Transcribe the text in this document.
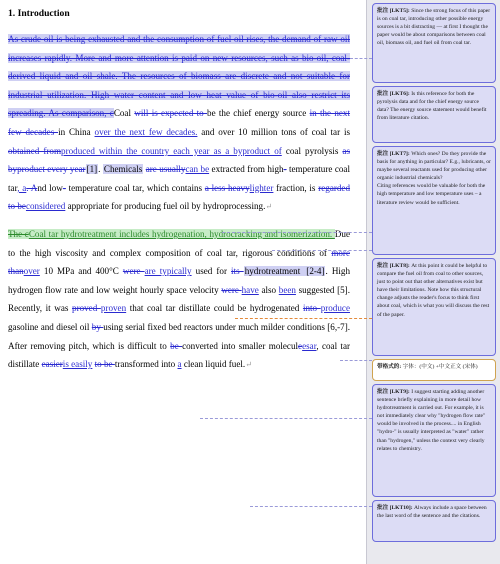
1. Introduction

As crude oil is being exhausted and the consumption of fuel oil rises, the demand of raw oil increases rapidly. More and more attention is paid on new resources, such as bio-oil, coal-derived liquid and oil shale. The resources of biomass are discrete and not suitable for industrial utilization. High water content and low heat value of bio-oil also restrict its spreading. As comparison, cCoal will is expected to be the chief energy source in the next few decades in China over the next few decades. and over 10 million tons of coal tar is obtained fromproduced within the country each year as a byproduct of coal pyrolysis as byproduct every year[1]. Chemicals are usuallycan be extracted from high- temperature coal tar, a. And low- temperature coal tar, which contains a less heavylighter fraction, is regarded to beconsidered appropriate for producing fuel oil by hydroprocessing.↵

The cCoal tar hydrotreatment includes hydrogenation, hydrocracking and isomerization. Due to the high viscosity and complex composition of coal tar, rigorous conditions of more thanover 10 MPa and 400°C were are typically used for its hydrotreatment [2-4]. High hydrogen flow rate and low weight hourly space velocity were have also been suggested [5]. Recently, it was proved proven that coal tar distillate could be hydrogenated into produce gasoline and diesel oil by using serial fixed bed reactors under much milder conditions [6,-7]. After removing pitch, which is difficult to be converted into smaller moleculeesar, coal tar distillate easieris easily to be transformed into a clean liquid fuel.↵

批注 [LKT5]: Since the strong focus of this paper is on coal tar, introducing other possible energy sources is a bit distracting — at first I thought the paper would be about comparisons between coal oil, biomass oil, and fuel oil from coal tar.
批注 [LKT6]: Is this reference for both the pyrolysis data and for the chief energy source data? The energy source statement would benefit from literature citation.
批注 [LKT7]: Which ones? Do they provide the basis for anything in particular? E.g., lubricants, or maybe several reactants used for producing other organic industrial chemicals?
Citing references would be valuable for both the high temperature and low temperature uses – a literature review would be sufficient.
批注 [LKT8]: At this point it could be helpful to compare the fuel oil from coal to other sources, just to point out that other alternatives exist but have their limitations. Note how this structural change adjusts the reader's focus to think first about coal, which is what you will discuss the rest of the paper.
带格式的: 字体：(中文) +中文正文 (宋体)
批注 [LKT9]: I suggest starting adding another sentence briefly explaining in more detail how hydrotreatment is carried out. For example, it is not immediately clear why "hydrogen flow rate" would be involved in the process.... in English "hydro-" is usually interpreted as "water" rather than "hydrogen," unless the context very clearly relates to chemistry.
批注 [LKT10]: Always include a space between the last word of the sentence and the citations.
